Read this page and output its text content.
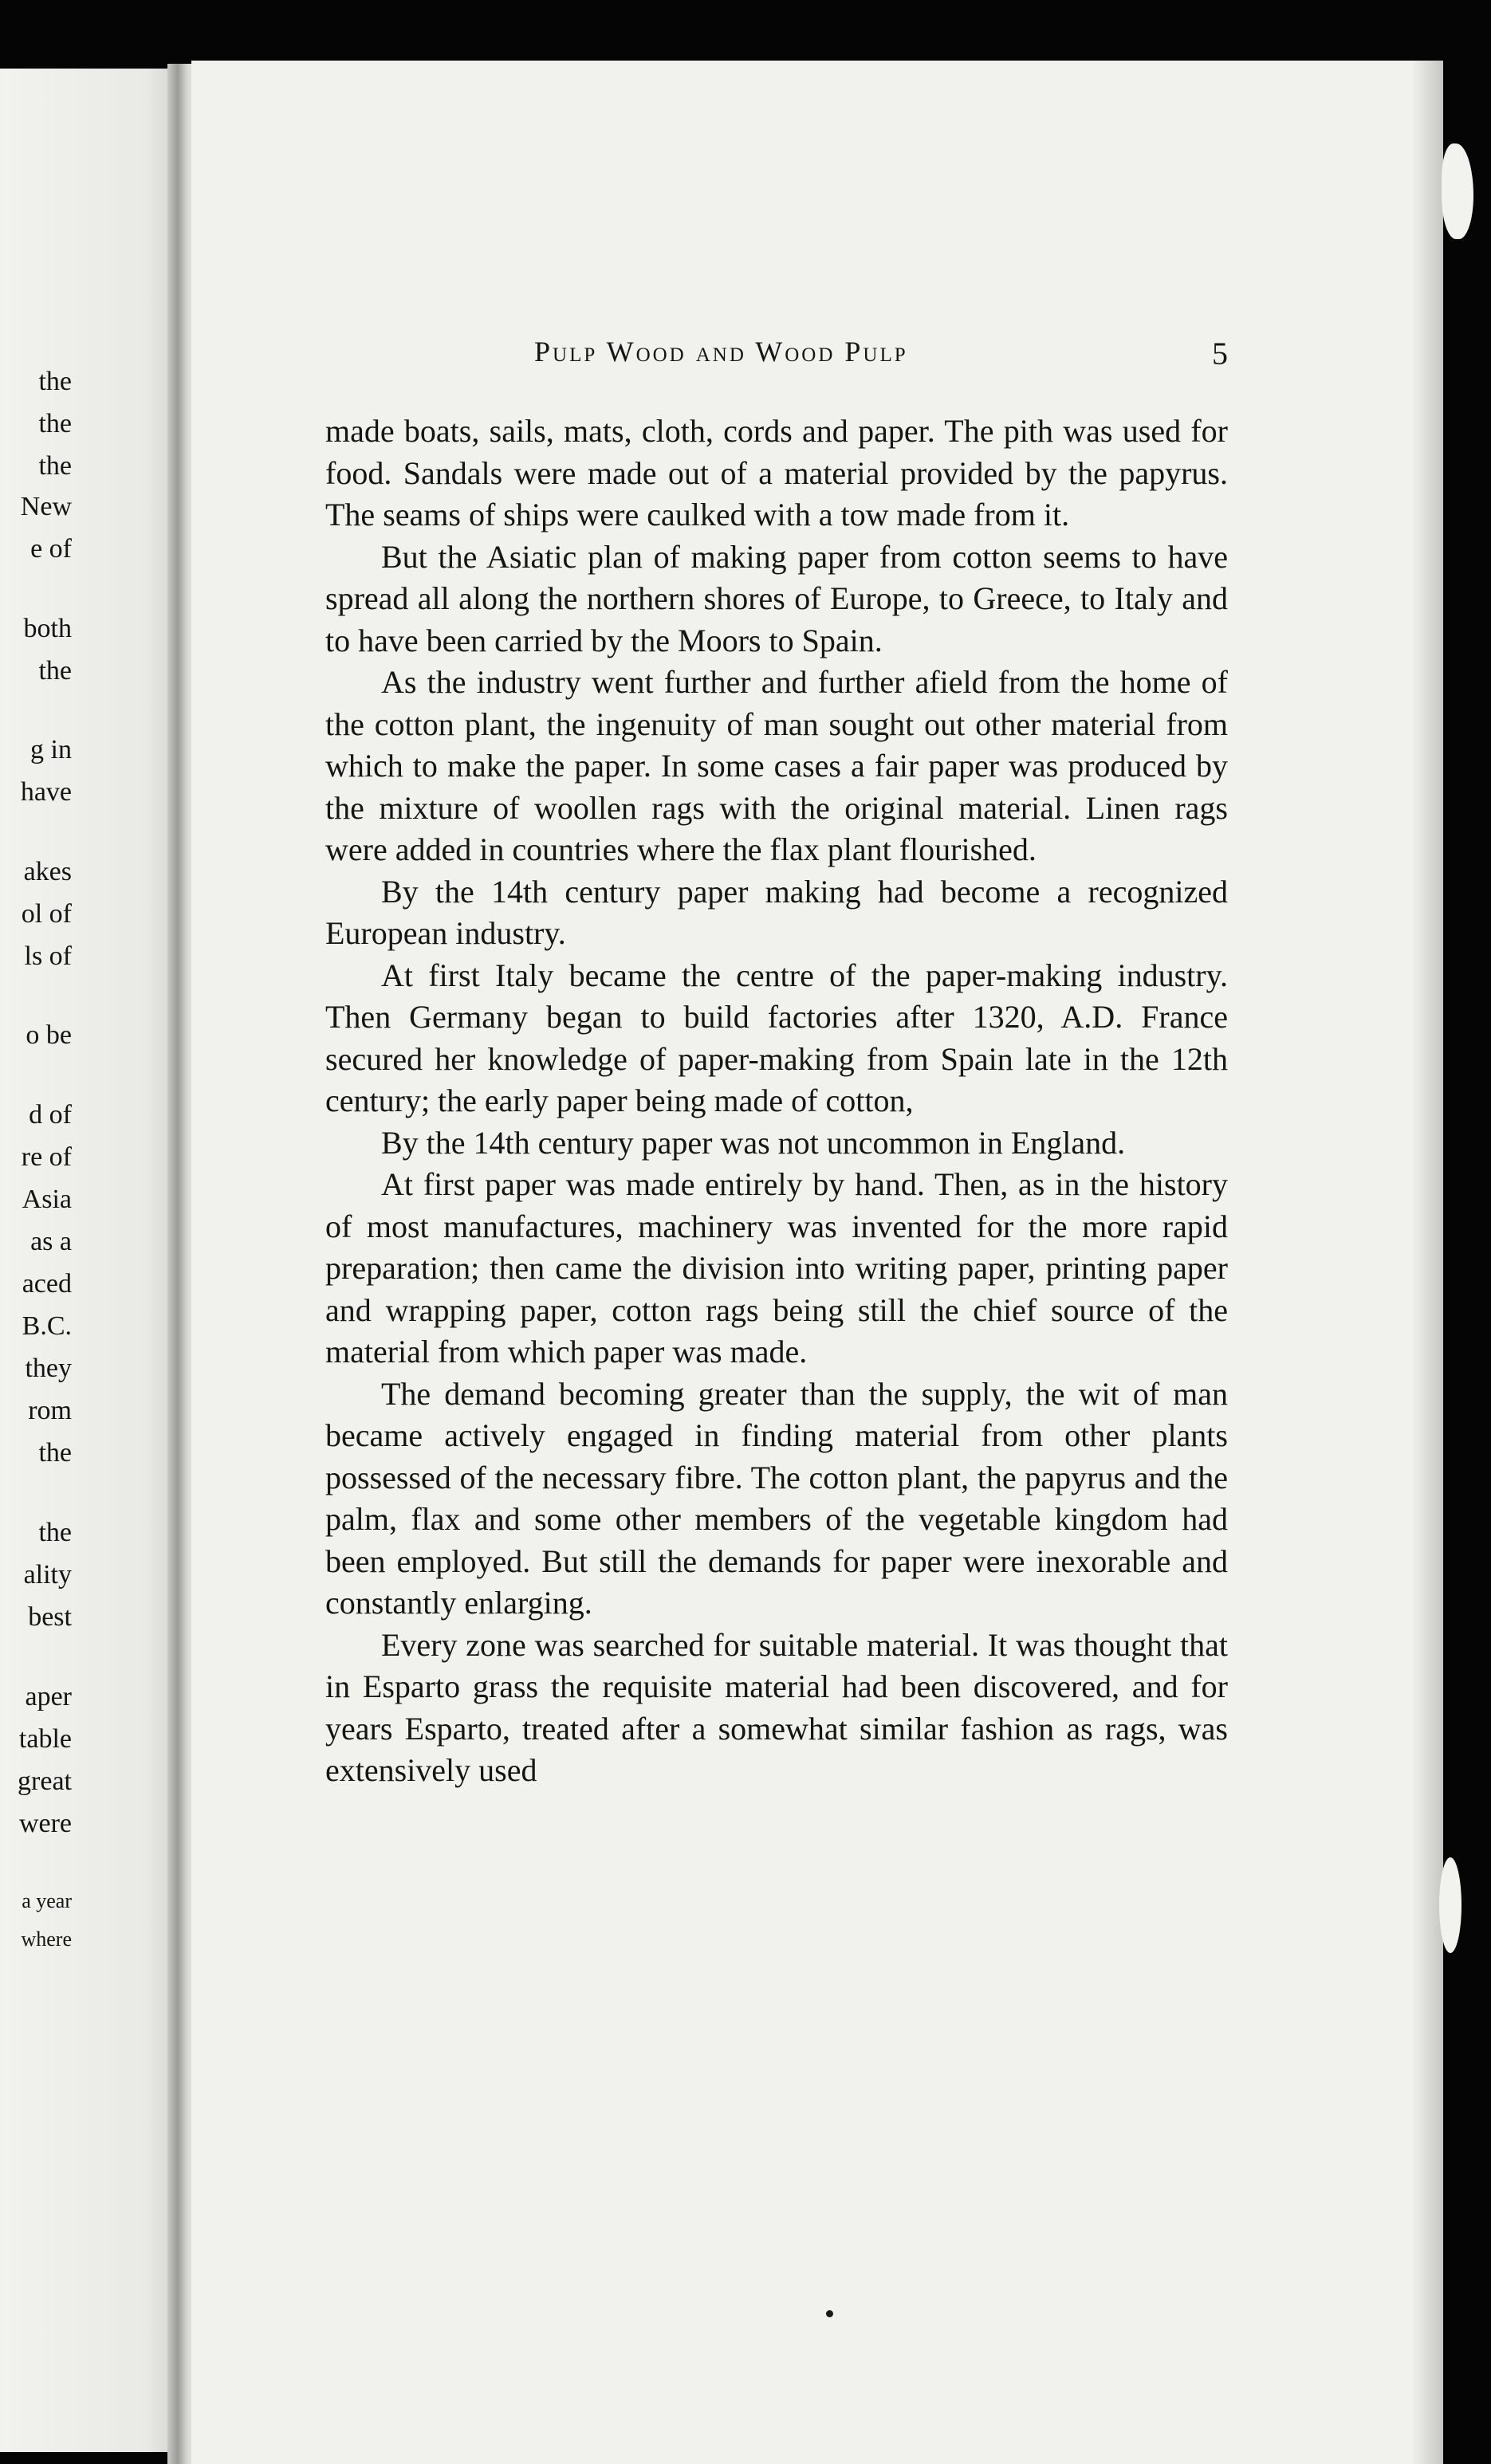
the
the
the
New
e of
both
the
g in
have
akes
ol of
ls of
o be
d of
re of
Asia
as a
aced
B.C.
they
rom
the
the
ality
best
aper
table
great
were
a year
where
Pulp Wood and Wood Pulp	5

made boats, sails, mats, cloth, cords and paper. The pith was used for food. Sandals were made out of a material provided by the papyrus. The seams of ships were caulked with a tow made from it.

But the Asiatic plan of making paper from cotton seems to have spread all along the northern shores of Europe, to Greece, to Italy and to have been carried by the Moors to Spain.

As the industry went further and further afield from the home of the cotton plant, the ingenuity of man sought out other material from which to make the paper. In some cases a fair paper was produced by the mixture of woollen rags with the original material. Linen rags were added in countries where the flax plant flourished.

By the 14th century paper making had become a recognized European industry.

At first Italy became the centre of the paper-making industry. Then Germany began to build factories after 1320, A.D. France secured her knowledge of paper-making from Spain late in the 12th century; the early paper being made of cotton,

By the 14th century paper was not uncommon in England.

At first paper was made entirely by hand. Then, as in the history of most manufactures, machinery was invented for the more rapid preparation; then came the division into writing paper, printing paper and wrapping paper, cotton rags being still the chief source of the material from which paper was made.

The demand becoming greater than the supply, the wit of man became actively engaged in finding material from other plants possessed of the necessary fibre. The cotton plant, the papyrus and the palm, flax and some other members of the vegetable kingdom had been employed. But still the demands for paper were inexorable and constantly enlarging.

Every zone was searched for suitable material. It was thought that in Esparto grass the requisite material had been discovered, and for years Esparto, treated after a somewhat similar fashion as rags, was extensively used
